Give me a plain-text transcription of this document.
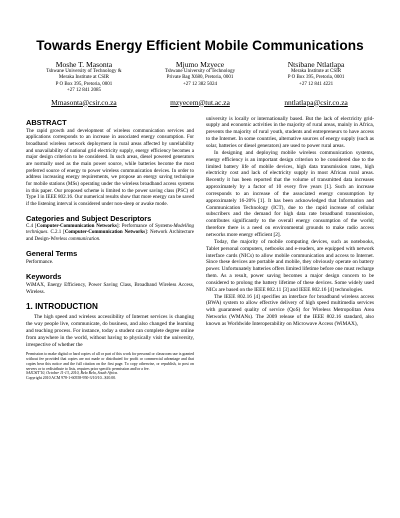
Towards Energy Efficient Mobile Communications
Moshe T. Masonta
Tshwane University of Technology &
Meraka Institute at CSIR
P O Box 395, Pretoria, 0001
+27 12 841 2085
Mmasonta@csir.co.za
Mjumo Mzyece
Tshwane University of Technology
Private Bag X680, Pretoria, 0001
+27 12 382 5024
mzyecem@tut.ac.za
Ntsibane Ntlatlapa
Meraka Institute at CSIR
P O Box 395, Pretoria, 0001
+27 12 841 4221
nntlatlapa@csir.co.za
ABSTRACT

The rapid growth and development of wireless communication services and applications corresponds to an increase in associated energy consumption. For broadband wireless network deployment in rural areas affected by unreliability and unavailability of national grid electricity supply, energy efficiency becomes a major design criterion to be considered. In such areas, diesel powered generators are normally used as the main power source, while batteries become the most preferred source of energy to power wireless communication devices. In order to address increasing energy requirements, we propose an energy saving technique for mobile stations (MSs) operating under the wireless broadband access systems in this paper. Our proposed scheme is limited to the power saving class (PSC) of Type I in IEEE 802.16. Our numerical results show that more energy can be saved if the listening interval is considered under non-sleep or awake mode.

Categories and Subject Descriptors

C.4 [Computer-Communication Networks]: Performance of Systems-Modelling techniques. C.2.1 [Computer-Communication Networks]: Network Architecture and Design-Wireless communication.

General Terms

Performance.

Keywords

WiMAX, Energy Efficiency, Power Saving Class, Broadband Wireless Access, Wireless.

1. INTRODUCTION

The high speed and wireless accessibility of Internet services is changing the way people live, communicate, do business, and also changed the learning and teaching process. For instance, today a student can complete degree online from anywhere in the world, without having to physically visit the university, irrespective of whether the

Permission to make digital or hard copies of all or part of this work for personal or classroom use is granted without fee provided that copies are not made or distributed for profit or commercial advantage and that copies bear this notice and the full citation on the first page. To copy otherwise, or republish, to post on servers or to redistribute to lists, requires prior specific permission and/or a fee.

SAICSIT'10, October 11-13, 2010, Bela Bela, South Africa.

Copyright 2010 ACM 978-1-60558-950-3/10/10...$10.00.

university is locally or internationally based. But the lack of electricity grid-supply and economic activities in the majority of rural areas, mainly in Africa, prevents the majority of rural youth, students and entrepreneurs to have access to the Internet. In some countries, alternative sources of energy supply (such as solar, batteries or diesel generators) are used to power rural areas.

In designing and deploying mobile wireless communication systems, energy efficiency is an important design criterion to be considered due to the limited battery life of mobile devices, high data transmission rates, high electricity cost and lack of electricity supply in most African rural areas. Recently it has been reported that the volume of transmitted data increases approximately by a factor of 10 every five years [1]. Such an increase corresponds to an increase of the associated energy consumption by approximately 16-20% [1]. It has been acknowledged that Information and Communication Technology (ICT), due to the rapid increase of cellular subscribers and the demand for high data rate broadband transmission, contributes significantly to the overall energy consumption of the world; therefore there is a need on environmental grounds to make radio access networks more energy efficient [2].

Today, the majority of mobile computing devices, such as notebooks, Tablet personal computers, netbooks and e-readers, are equipped with network interface cards (NICs) to allow mobile communication and access to Internet. Since these devices are portable and mobile, they obviously operate on battery power. Unfortunately batteries offers limited lifetime before one must recharge them. As a result, power saving becomes a major design concern to be considered to prolong the battery lifetime of these devices. Some widely used NICs are based on the IEEE 802.11 [3] and IEEE 802.16 [4] technologies.

The IEEE 802.16 [4] specifies an interface for broadband wireless access (BWA) system to allow effective delivery of high speed multimedia services with guaranteed quality of service (QoS) for Wireless Metropolitan Area Networks (WMANs). The 2009 release of the IEEE 802.16 standard, also known as Worldwide Interoperability on Microwave Access (WiMAX),
